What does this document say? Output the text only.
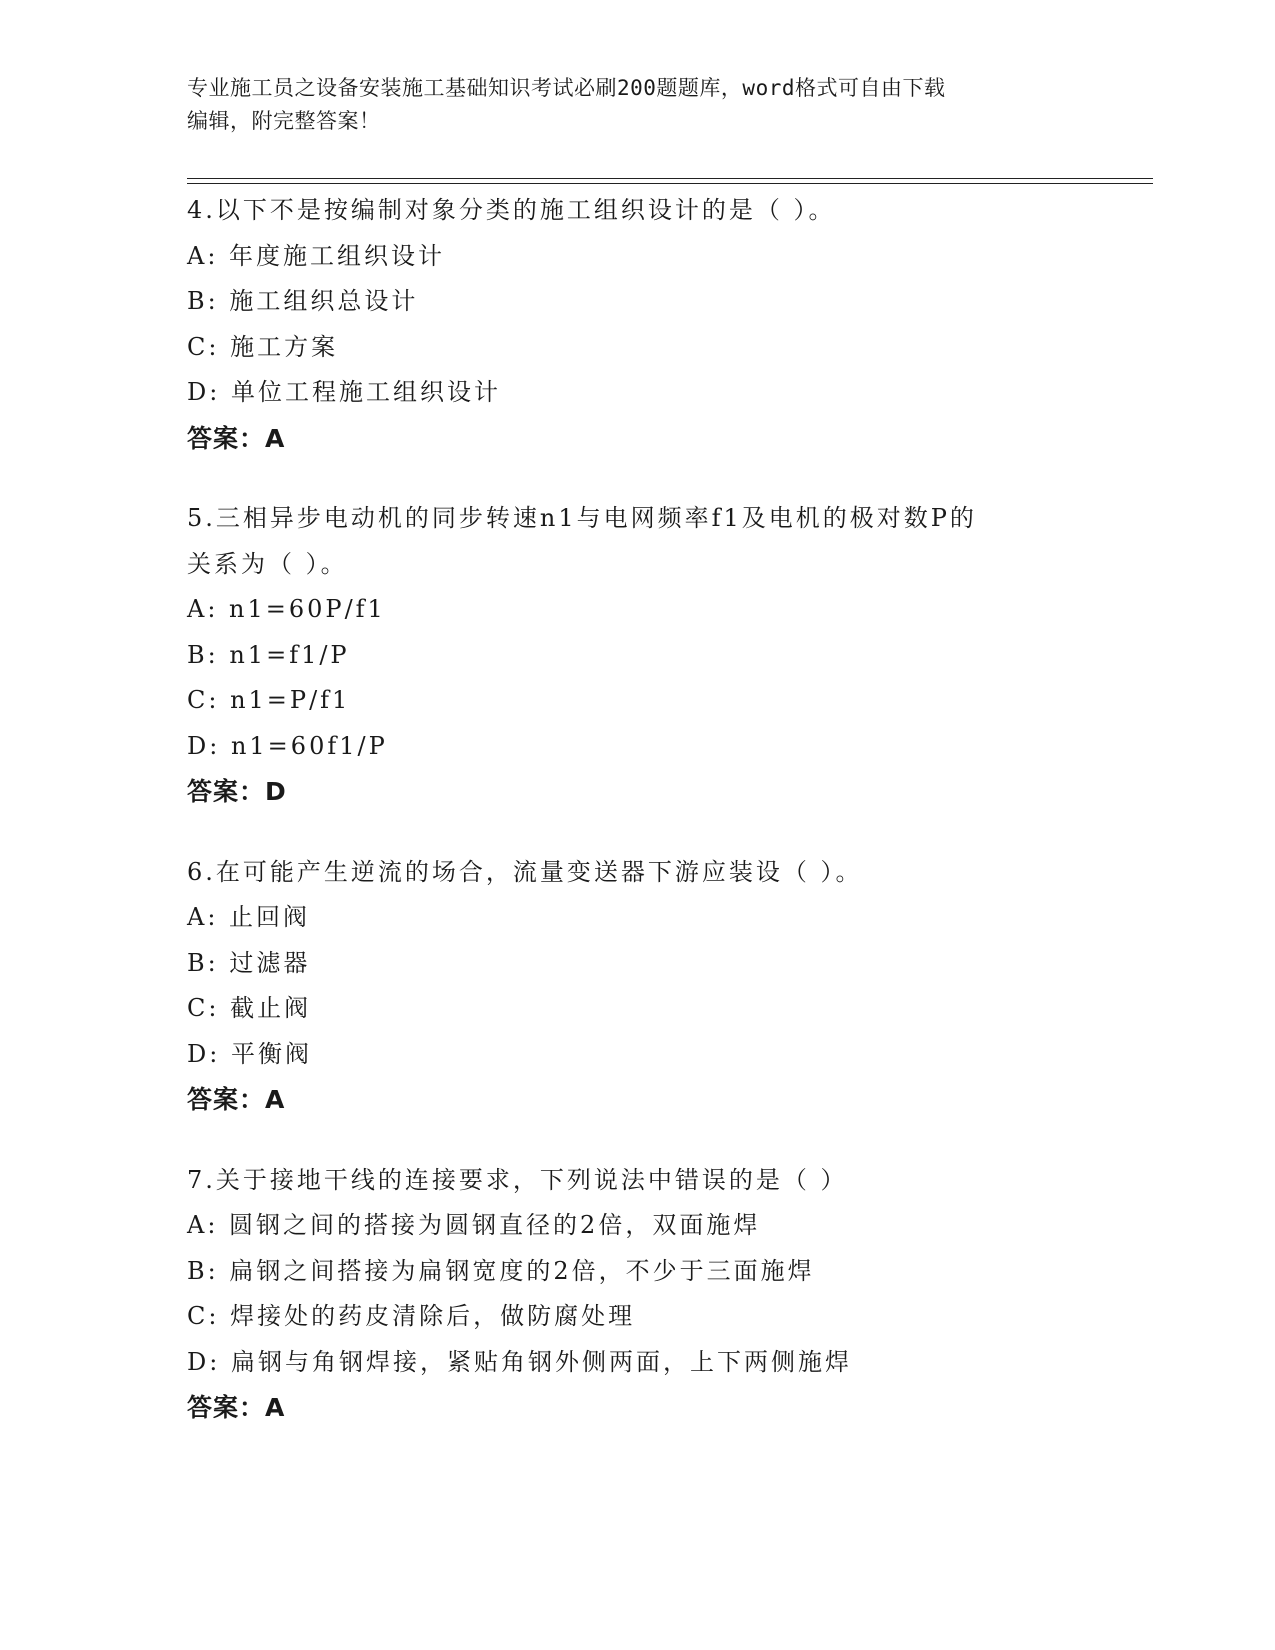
专业施工员之设备安装施工基础知识考试必刷200题题库，word格式可自由下载
编辑，附完整答案！
4.以下不是按编制对象分类的施工组织设计的是（ ）。
A: 年度施工组织设计
B: 施工组织总设计
C: 施工方案
D: 单位工程施工组织设计
答案：A
5.三相异步电动机的同步转速n1与电网频率f1及电机的极对数P的
关系为（ ）。
A: n1=60P/f1
B: n1=f1/P
C: n1=P/f1
D: n1=60f1/P
答案：D
6.在可能产生逆流的场合，流量变送器下游应装设（ ）。
A: 止回阀
B: 过滤器
C: 截止阀
D: 平衡阀
答案：A
7.关于接地干线的连接要求，下列说法中错误的是（ ）
A: 圆钢之间的搭接为圆钢直径的2倍，双面施焊
B: 扁钢之间搭接为扁钢宽度的2倍，不少于三面施焊
C: 焊接处的药皮清除后，做防腐处理
D: 扁钢与角钢焊接，紧贴角钢外侧两面，上下两侧施焊
答案：A
